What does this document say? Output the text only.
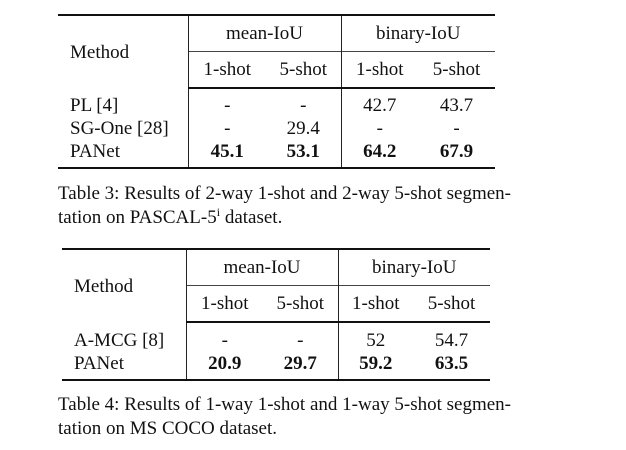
Method	mean-IoU		binary-IoU	

	1-shot	5-shot	1-shot	5-shot
PL [4]	-	-	42.7	43.7
SG-One [28]	-	29.4	-	-
PANet	45.1	53.1	64.2	67.9
Table 3: Results of 2-way 1-shot and 2-way 5-shot segmen-
tation on PASCAL-5$^i$ dataset.
Method	mean-IoU		binary-IoU	

	1-shot	5-shot	1-shot	5-shot
A-MCG [8]	-	-	52	54.7
PANet	20.9	29.7	59.2	63.5
Table 4: Results of 1-way 1-shot and 1-way 5-shot segmen-
tation on MS COCO dataset.
